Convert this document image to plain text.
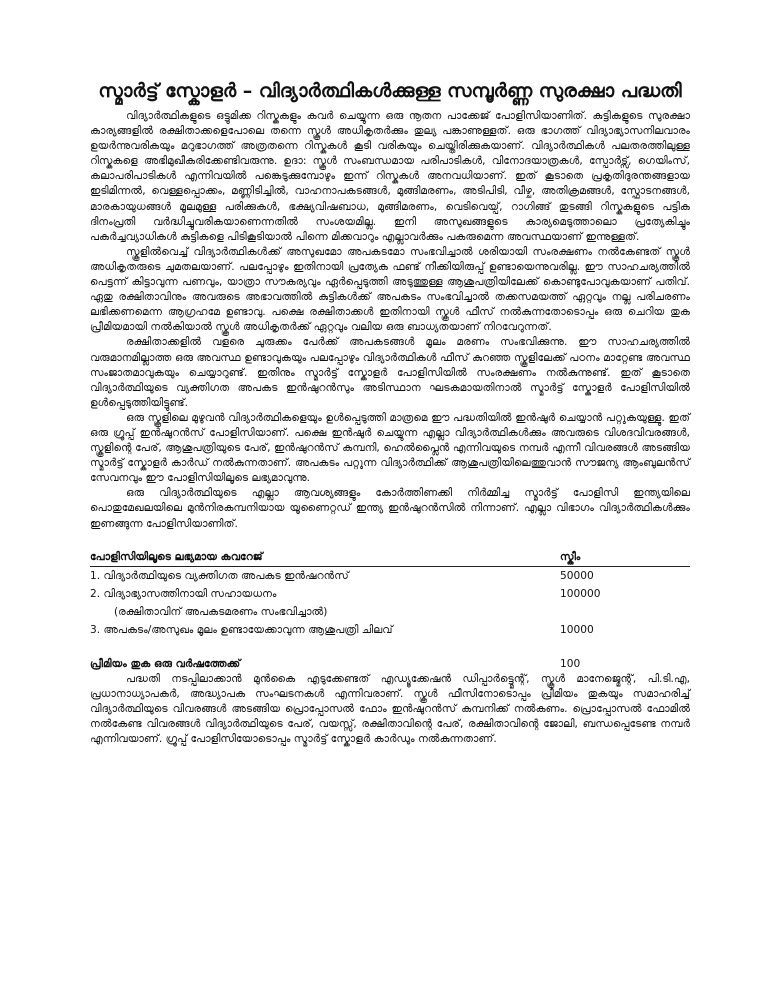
സ്മാർട്ട് സ്കോളർ – വിദ്യാർത്ഥികൾക്കുള്ള സമ്പൂർണ്ണ സുരക്ഷാ പദ്ധതി

വിദ്യാർത്ഥികളുടെ ഒട്ടുമിക്ക റിസ്കുകളും കവർ ചെയ്യുന്ന ഒരു നൂതന പാക്കേജ് പോളിസിയാണിത്. കുട്ടികളുടെ സുരക്ഷാ കാര്യങ്ങളിൽ രക്ഷിതാക്കളെപോലെ തന്നെ സ്കൂൾ അധികൃതർക്കും തുല്യ പങ്കാണുള്ളത്. ഒരു ഭാഗത്ത് വിദ്യാഭ്യാസനിലവാരം ഉയർന്നുവരികയും മറുഭാഗത്ത് അത്രതന്നെ റിസ്കുകൾ കൂടി വരികയും ചെയ്തിരിക്കുകയാണ്. വിദ്യാർത്ഥികൾ പലതരത്തിലുള്ള റിസ്കുകളെ അഭിമുഖീകരിക്കേണ്ടിവരുന്നു. ഉദാ: സ്കൂൾ സംബന്ധമായ പരിപാടികൾ, വിനോദയാത്രകൾ, സ്പോർട്സ്, ഗെയിംസ്, കലാപരിപാടികൾ എന്നിവയിൽ പങ്കെടുക്കുമ്പോഴും ഇന്ന് റിസ്കുകൾ അനവധിയാണ്. ഇത് കൂടാതെ പ്രകൃതിദുരന്തങ്ങളായ ഇടിമിന്നൽ, വെള്ളപ്പൊക്കം, മണ്ണിടിച്ചിൽ, വാഹനാപകടങ്ങൾ, മുങ്ങിമരണം, അടിപിടി, വീഴ്ച, അതിക്രമങ്ങൾ, സ്ഫോടനങ്ങൾ, മാരകായുധങ്ങൾ മൂലമുള്ള പരിക്കുകൾ, ഭക്ഷ്യവിഷബാധ, മുങ്ങിമരണം, വെടിവെയ്പ്, റാഗിങ്ങ് തുടങ്ങി റിസ്കുകളുടെ പട്ടിക ദിനംപ്രതി വർദ്ധിച്ചുവരികയാണെന്നതിൽ സംശയമില്ല. ഇനി അസുഖങ്ങളുടെ കാര്യമെടുത്താലൊ പ്രത്യേകിച്ചും പകർച്ചവ്യാധികൾ കുട്ടികളെ പിടികൂടിയാൽ പിന്നെ മിക്കവാറും എല്ലാവർക്കും പകരുമെന്ന അവസ്ഥയാണ് ഇന്നുള്ളത്.

സ്കൂളിൽവെച്ച് വിദ്യാർത്ഥികൾക്ക് അസുഖമോ അപകടമോ സംഭവിച്ചാൽ ശരിയായി സംരക്ഷണം നൽകേണ്ടത് സ്കൂൾ അധികൃതരുടെ ചുമതലയാണ്. പലപ്പോഴും ഇതിനായി പ്രത്യേക ഫണ്ട് നീക്കിയിരുപ്പ് ഉണ്ടായെന്നുവരില്ല. ഈ സാഹചര്യത്തിൽ പെട്ടന്ന് കിട്ടാവുന്ന പണവും, യാത്രാ സൗകര്യവും ഏർപ്പെടുത്തി അടുത്തുള്ള ആശുപത്രിയിലേക്ക് കൊണ്ടുപോവുകയാണ് പതിവ്. ഏതു രക്ഷിതാവിനും അവരുടെ അഭാവത്തിൽ കുട്ടികൾക്ക് അപകടം സംഭവിച്ചാൽ തക്കസമയത്ത് ഏറ്റവും നല്ല പരിചരണം ലഭിക്കണമെന്ന ആഗ്രഹമേ ഉണ്ടാവു. പക്ഷെ രക്ഷിതാക്കൾ ഇതിനായി സ്കൂൾ ഫീസ് നൽകുന്നതോടൊപ്പം ഒരു ചെറിയ തുക പ്രീമിയമായി നൽകിയാൽ സ്കൂൾ അധികൃതർക്ക് ഏറ്റവും വലിയ ഒരു ബാധ്യതയാണ് നിറവേറുന്നത്.

രക്ഷിതാക്കളിൽ വളരെ ചുരുക്കം പേർക്ക് അപകടങ്ങൾ മൂലം മരണം സംഭവിക്കുന്നു. ഈ സാഹചര്യത്തിൽ വരുമാനമില്ലാത്ത ഒരു അവസ്ഥ ഉണ്ടാവുകയും പലപ്പോഴും വിദ്യാർത്ഥികൾ ഫീസ് കുറഞ്ഞ സ്കൂളിലേക്ക് പഠനം മാറ്റേണ്ട അവസ്ഥ സംജാതമാവുകയും ചെയ്യാറുണ്ട്. ഇതിനും സ്മാർട്ട് സ്കോളർ പോളിസിയിൽ സംരക്ഷണം നൽകുന്നുണ്ട്. ഇത് കൂടാതെ വിദ്യാർത്ഥിയുടെ വ്യക്തിഗത അപകട ഇൻഷുറൻസും അടിസ്ഥാന ഘടകമായതിനാൽ സ്മാർട്ട് സ്കോളർ പോളിസിയിൽ ഉൾപ്പെടുത്തിയിട്ടുണ്ട്.

ഒരു സ്കൂളിലെ മുഴുവൻ വിദ്യാർത്ഥികളെയും ഉൾപ്പെടുത്തി മാത്രമെ ഈ പദ്ധതിയിൽ ഇൻഷുർ ചെയ്യാൻ പറ്റുകയുള്ളു. ഇത് ഒരു ഗ്രൂപ്പ് ഇൻഷുറൻസ് പോളിസിയാണ്. പക്ഷെ ഇൻഷുർ ചെയ്യുന്ന എല്ലാ വിദ്യാർത്ഥികൾക്കും അവരുടെ വിശദവിവരങ്ങൾ, സ്കൂളിന്റെ പേര്, ആശുപത്രിയുടെ പേര്, ഇൻഷുറൻസ് കമ്പനി, ഹെൽപ്ലൈൻ എന്നിവയുടെ നമ്പർ എന്നീ വിവരങ്ങൾ അടങ്ങിയ സ്മാർട്ട് സ്കോളർ കാർഡ് നൽകുന്നതാണ്. അപകടം പറ്റുന്ന വിദ്യാർത്ഥിക്ക് ആശുപത്രിയിലെത്തുവാൻ സൗജന്യ ആംബുലൻസ് സേവനവും ഈ പോളിസിയിലൂടെ ലഭ്യമാവുന്നു.

ഒരു വിദ്യാർത്ഥിയുടെ എല്ലാ ആവശ്യങ്ങളും കോർത്തിണക്കി നിർമ്മിച്ച സ്മാർട്ട് പോളിസി ഇന്ത്യയിലെ പൊതുമേഖലയിലെ മുൻനിരകമ്പനിയായ യൂണൈറ്റഡ് ഇന്ത്യ ഇൻഷുറൻസിൽ നിന്നാണ്. എല്ലാ വിഭാഗം വിദ്യാർത്ഥികൾക്കും ഇണങ്ങുന്ന പോളിസിയാണിത്.

പോളിസിയിലൂടെ ലഭ്യമായ കവറേജ്	സ്കീം
1. വിദ്യാർത്ഥിയുടെ വ്യക്തിഗത അപകട ഇൻഷറൻസ്	50000
2. വിദ്യാഭ്യാസത്തിനായി സഹായധനം	100000
(രക്ഷിതാവിന് അപകടമരണം സംഭവിച്ചാൽ)	
3. അപകടം/അസുഖം മൂലം ഉണ്ടായേക്കാവുന്ന ആശുപത്രി ചിലവ്	10000
പ്രീമിയം തുക ഒരു വർഷത്തേക്ക്	100

പദ്ധതി നടപ്പിലാക്കാൻ മുൻകൈ എടുക്കേണ്ടത് എഡ്യൂക്കേഷൻ ഡിപ്പാർട്ട്മെന്റ്, സ്കൂൾ മാനേജ്മെന്റ്, പി.ടി.എ, പ്രധാനാധ്യാപകർ, അദ്ധ്യാപക സംഘടനകൾ എന്നിവരാണ്. സ്കൂൾ ഫീസിനോടൊപ്പം പ്രീമിയം തുകയും സമാഹരിച്ച് വിദ്യാർത്ഥിയുടെ വിവരങ്ങൾ അടങ്ങിയ പ്രൊപ്പോസൽ ഫോം ഇൻഷുറൻസ് കമ്പനിക്ക് നൽകണം. പ്രൊപ്പോസൽ ഫോമിൽ നൽകേണ്ട വിവരങ്ങൾ വിദ്യാർത്ഥിയുടെ പേര്, വയസ്സ്, രക്ഷിതാവിന്റെ പേര്, രക്ഷിതാവിന്റെ ജോലി, ബന്ധപ്പെടേണ്ട നമ്പർ എന്നിവയാണ്. ഗ്രൂപ്പ് പോളിസിയോടൊപ്പം സ്മാർട്ട് സ്കോളർ കാർഡും നൽകുന്നതാണ്.
